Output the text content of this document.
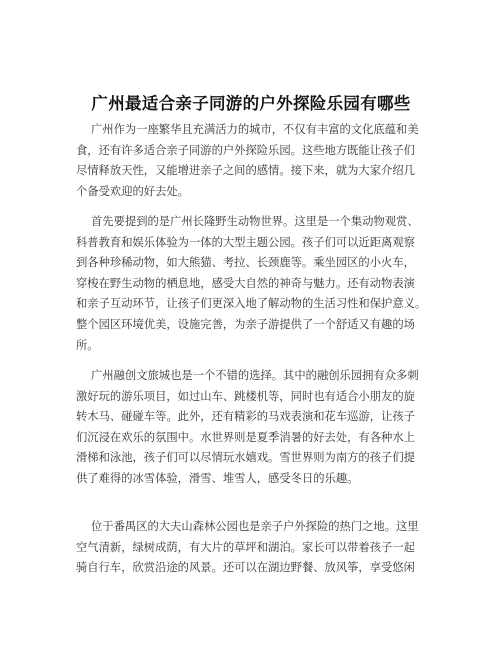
广州最适合亲子同游的户外探险乐园有哪些
广州作为一座繁华且充满活力的城市，不仅有丰富的文化底蕴和美
食，还有许多适合亲子同游的户外探险乐园。这些地方既能让孩子们
尽情释放天性，又能增进亲子之间的感情。接下来，就为大家介绍几
个备受欢迎的好去处。
首先要提到的是广州长隆野生动物世界。这里是一个集动物观赏、
科普教育和娱乐体验为一体的大型主题公园。孩子们可以近距离观察
到各种珍稀动物，如大熊猫、考拉、长颈鹿等。乘坐园区的小火车，
穿梭在野生动物的栖息地，感受大自然的神奇与魅力。还有动物表演
和亲子互动环节，让孩子们更深入地了解动物的生活习性和保护意义。
整个园区环境优美，设施完善，为亲子游提供了一个舒适又有趣的场
所。
广州融创文旅城也是一个不错的选择。其中的融创乐园拥有众多刺
激好玩的游乐项目，如过山车、跳楼机等，同时也有适合小朋友的旋
转木马、碰碰车等。此外，还有精彩的马戏表演和花车巡游，让孩子
们沉浸在欢乐的氛围中。水世界则是夏季消暑的好去处，有各种水上
滑梯和泳池，孩子们可以尽情玩水嬉戏。雪世界则为南方的孩子们提
供了难得的冰雪体验，滑雪、堆雪人，感受冬日的乐趣。
位于番禺区的大夫山森林公园也是亲子户外探险的热门之地。这里
空气清新，绿树成荫，有大片的草坪和湖泊。家长可以带着孩子一起
骑自行车，欣赏沿途的风景。还可以在湖边野餐、放风筝，享受悠闲
